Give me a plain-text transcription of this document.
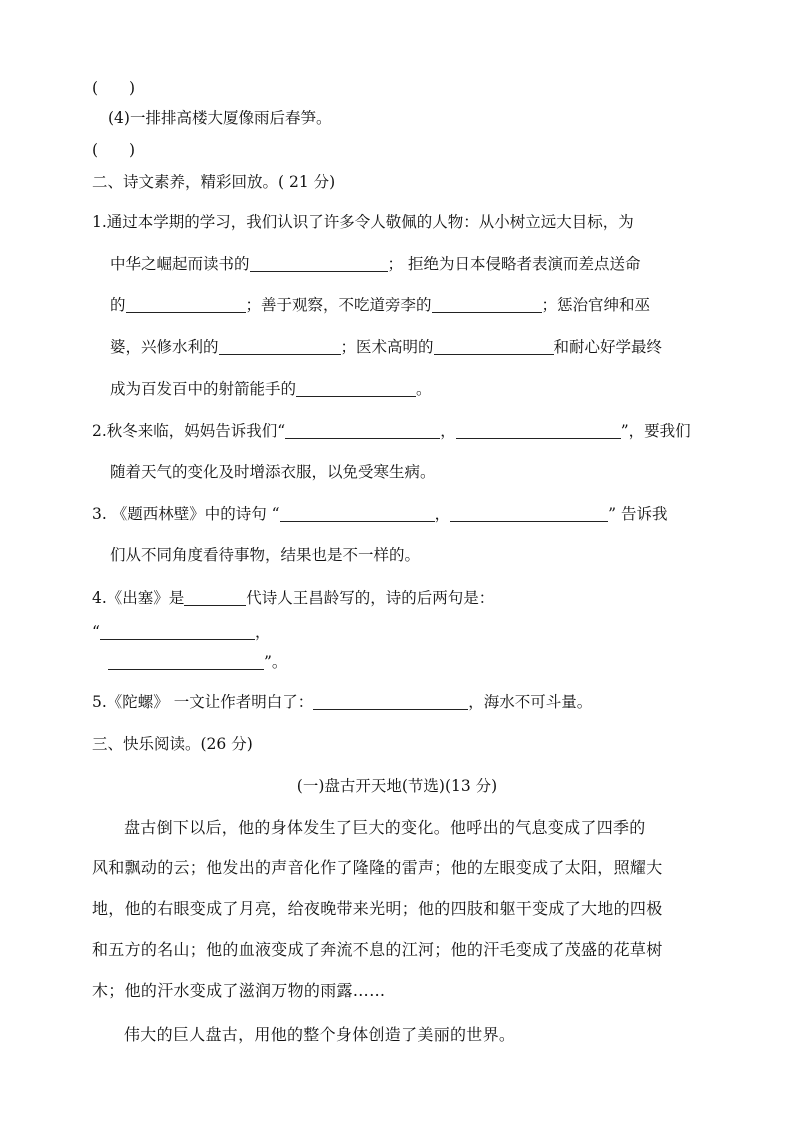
(　　)
(4)一排排高楼大厦像雨后春笋。
(　　)
二、诗文素养，精彩回放。( 21 分)
1.通过本学期的学习，我们认识了许多令人敬佩的人物：从小树立远大目标，为
中华之崛起而读书的	； 拒绝为日本侵略者表演而差点送命
的	；善于观察，不吃道旁李的	；惩治官绅和巫
婆，兴修水利的	；医术高明的	和耐心好学最终
成为百发百中的射箭能手的	。
2.秋冬来临，妈妈告诉我们“	，	”，要我们
随着天气的变化及时增添衣服，以免受寒生病。
3. 《题西林壁》中的诗句 “	，	” 告诉我
们从不同角度看待事物，结果也是不一样的。
4.《出塞》是	代诗人王昌龄写的，诗的后两句是：
“	，
”。
5.《陀螺》 一文让作者明白了：	，海水不可斗量。
三、快乐阅读。(26 分)
(一)盘古开天地(节选)(13 分)
盘古倒下以后，他的身体发生了巨大的变化。他呼出的气息变成了四季的
风和飘动的云；他发出的声音化作了隆隆的雷声；他的左眼变成了太阳，照耀大
地，他的右眼变成了月亮，给夜晚带来光明；他的四肢和躯干变成了大地的四极
和五方的名山；他的血液变成了奔流不息的江河；他的汗毛变成了茂盛的花草树
木；他的汗水变成了滋润万物的雨露……
伟大的巨人盘古，用他的整个身体创造了美丽的世界。
